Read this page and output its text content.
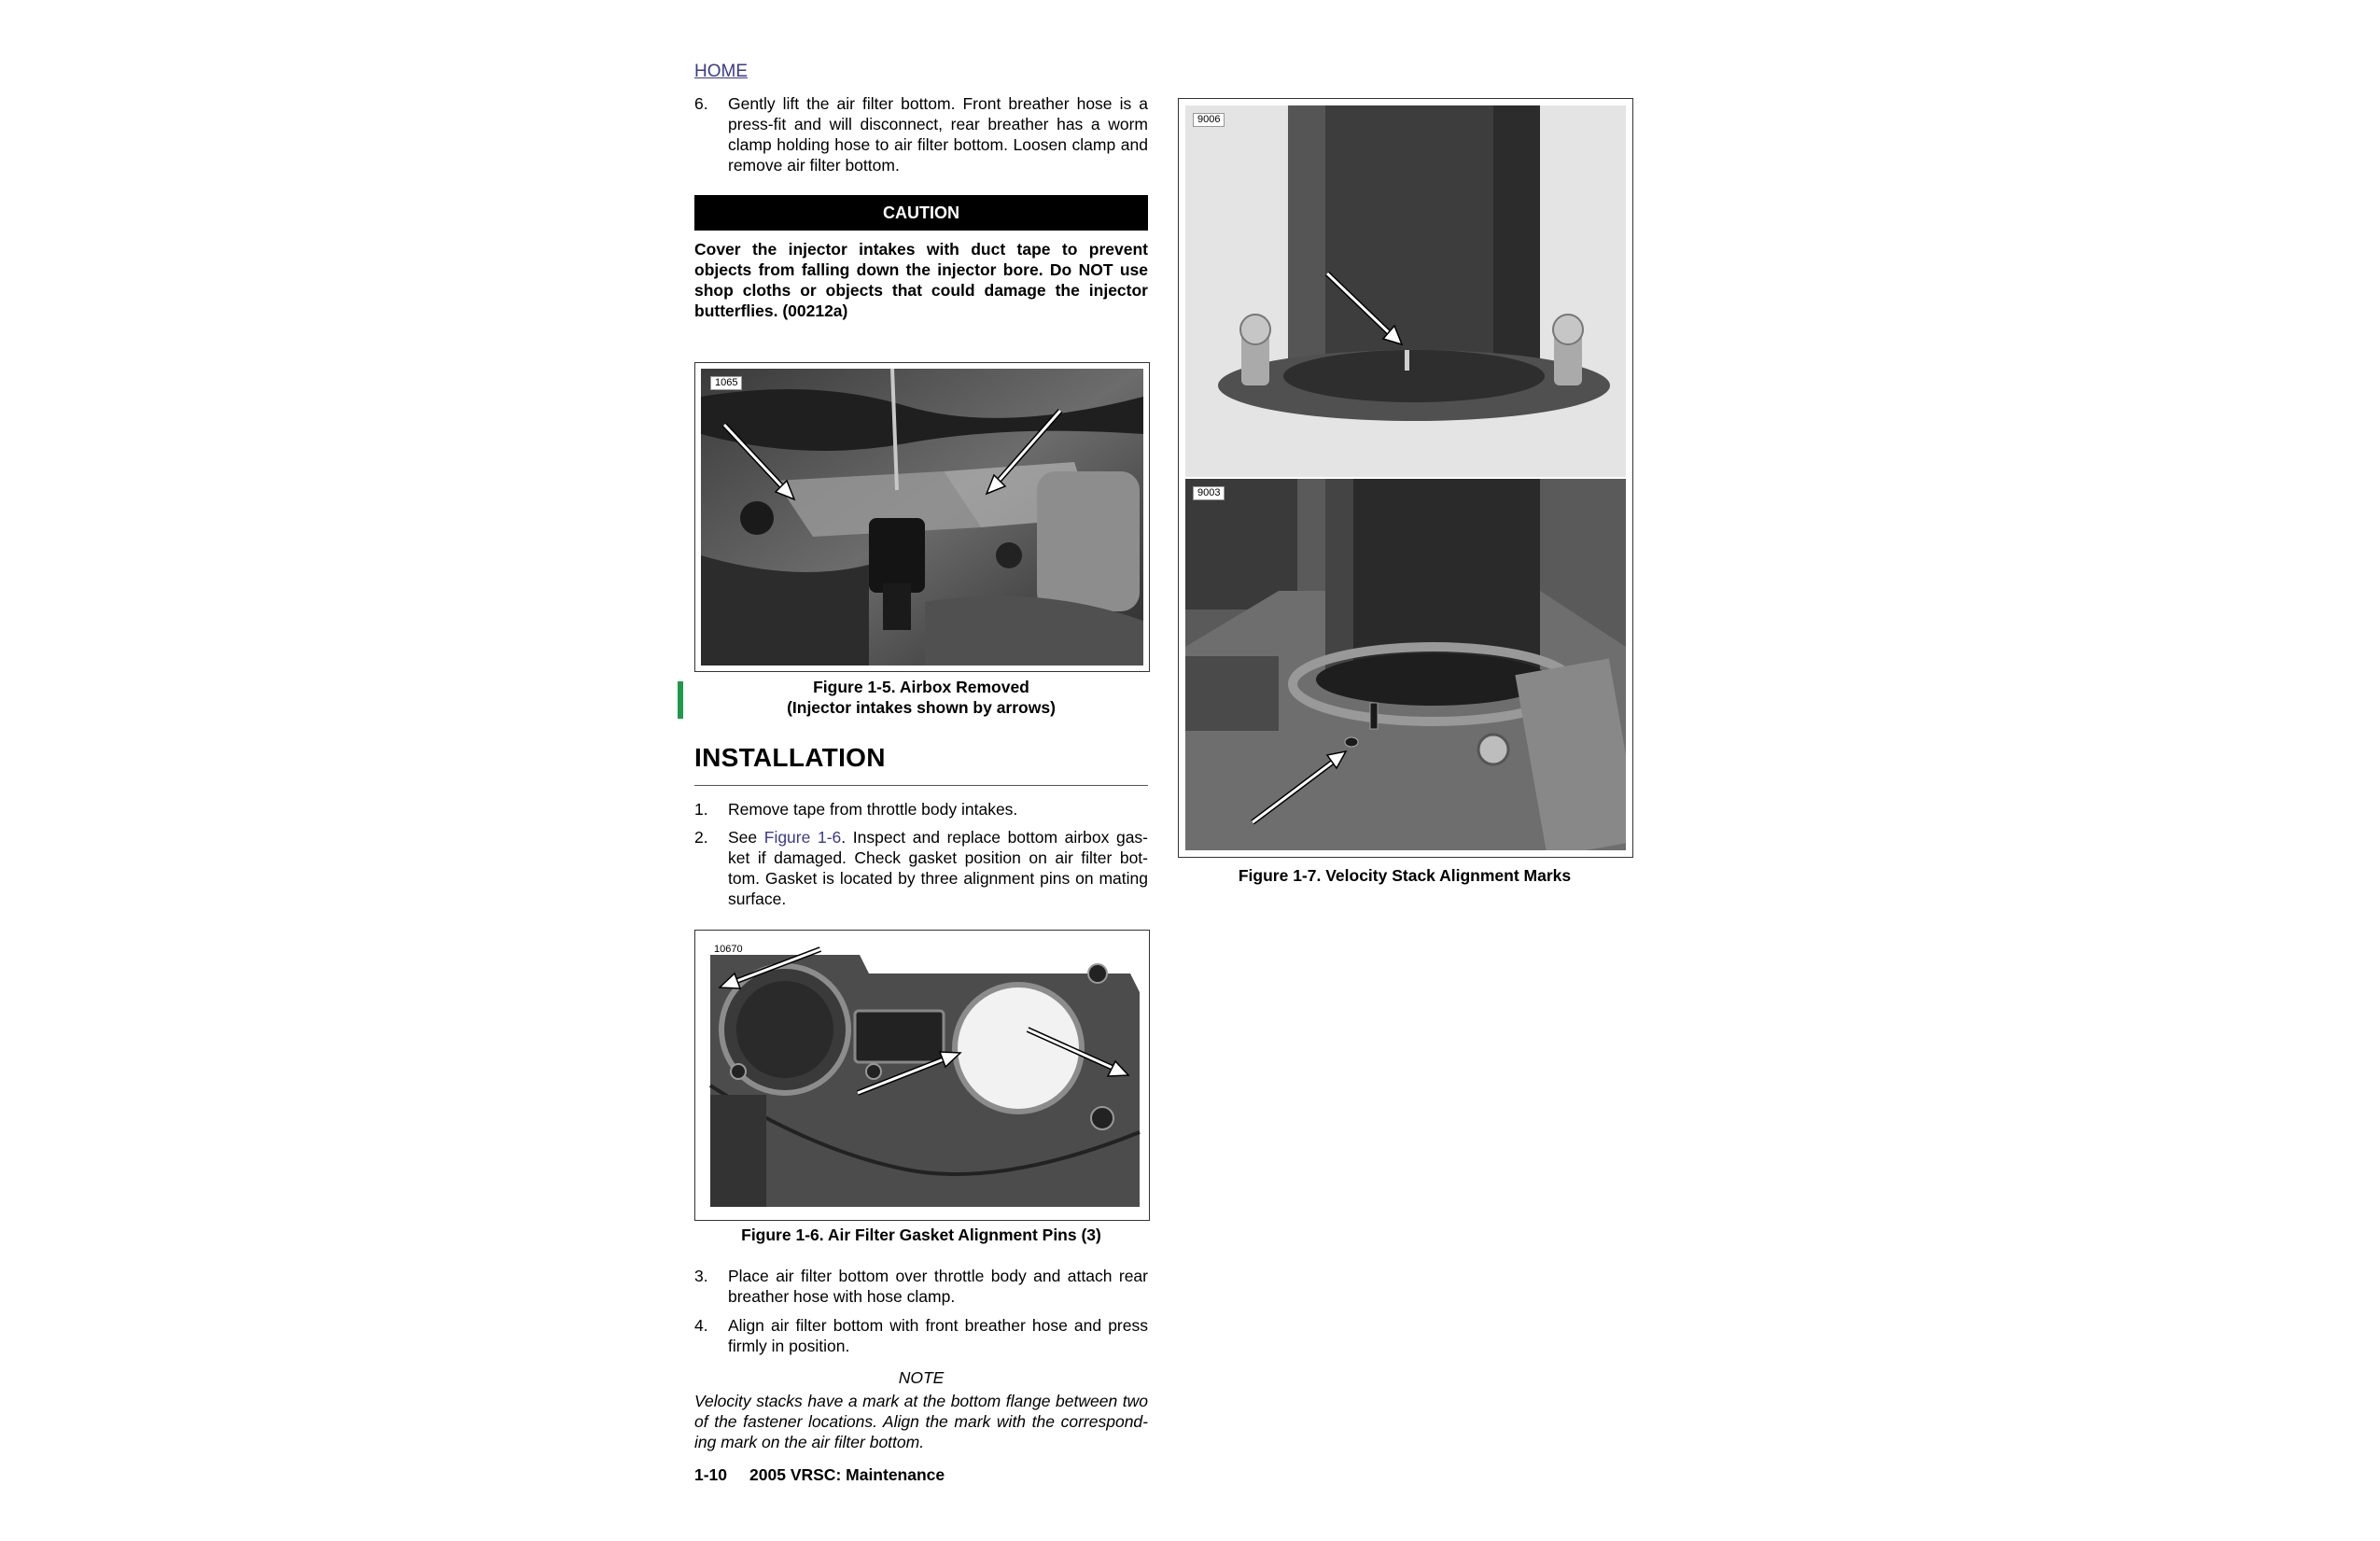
HOME
6. Gently lift the air filter bottom. Front breather hose is a press-fit and will disconnect, rear breather has a worm clamp holding hose to air filter bottom. Loosen clamp and remove air filter bottom.
CAUTION
Cover the injector intakes with duct tape to prevent objects from falling down the injector bore. Do NOT use shop cloths or objects that could damage the injector butterflies. (00212a)
1065
Figure 1-5. Airbox Removed
(Injector intakes shown by arrows)
INSTALLATION
1. Remove tape from throttle body intakes.
2. See Figure 1-6. Inspect and replace bottom airbox gas-ket if damaged. Check gasket position on air filter bot-tom. Gasket is located by three alignment pins on mating surface.
10670
Figure 1-6. Air Filter Gasket Alignment Pins (3)
3. Place air filter bottom over throttle body and attach rear breather hose with hose clamp.
4. Align air filter bottom with front breather hose and press firmly in position.
NOTE
Velocity stacks have a mark at the bottom flange between two of the fastener locations. Align the mark with the correspond-ing mark on the air filter bottom.
1-10 2005 VRSC: Maintenance
9006
9003
Figure 1-7. Velocity Stack Alignment Marks
